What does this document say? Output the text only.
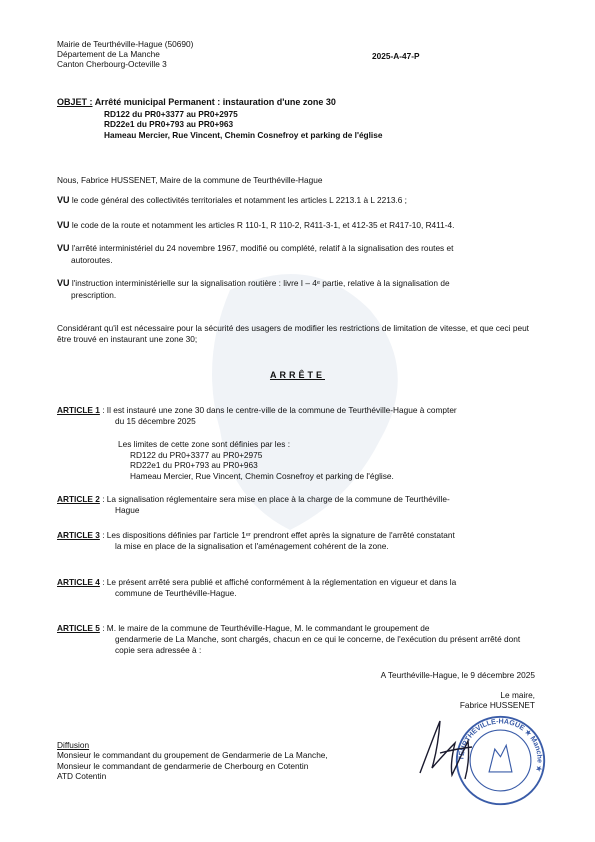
Mairie de Teurthéville-Hague (50690)
Département de La Manche
Canton Cherbourg-Octeville 3
2025-A-47-P
OBJET : Arrêté municipal Permanent : instauration d'une zone 30
RD122 du PR0+3377 au PR0+2975
RD22e1 du PR0+793 au PR0+963
Hameau Mercier, Rue Vincent, Chemin Cosnefroy et parking de l'église
Nous, Fabrice HUSSENET, Maire de la commune de Teurthéville-Hague
VU le code général des collectivités territoriales et notamment les articles L 2213.1 à L 2213.6 ;
VU le code de la route et notamment les articles R 110-1, R 110-2, R411-3-1, et 412-35 et R417-10, R411-4.
VU l'arrêté interministériel du 24 novembre 1967, modifié ou complété, relatif à la signalisation des routes et
autoroutes.
VU l'instruction interministérielle sur la signalisation routière : livre I – 4ᵉ partie, relative à la signalisation de
prescription.
Considérant qu'il est nécessaire pour la sécurité des usagers de modifier les restrictions de limitation de vitesse, et que ceci peut être trouvé en instaurant une zone 30;
ARRÊTE
ARTICLE 1 : Il est instauré une zone 30 dans le centre-ville de la commune de Teurthéville-Hague à compter
du 15 décembre 2025
Les limites de cette zone sont définies par les :
RD122 du PR0+3377 au PR0+2975
RD22e1 du PR0+793 au PR0+963
Hameau Mercier, Rue Vincent, Chemin Cosnefroy et parking de l'église.
ARTICLE 2 : La signalisation réglementaire sera mise en place à la charge de la commune de Teurthéville-
Hague
ARTICLE 3 : Les dispositions définies par l'article 1ᵉʳ prendront effet après la signature de l'arrêté constatant
la mise en place de la signalisation et l'aménagement cohérent de la zone.
ARTICLE 4 : Le présent arrêté sera publié et affiché conformément à la réglementation en vigueur et dans la
commune de Teurthéville-Hague.
ARTICLE 5 : M. le maire de la commune de Teurthéville-Hague, M. le commandant le groupement de
gendarmerie de La Manche, sont chargés, chacun en ce qui le concerne, de l'exécution du présent arrêté dont copie sera adressée à :
A Teurthéville-Hague, le 9 décembre 2025
Le maire,
Fabrice HUSSENET
TEURTHÉVILLE-HAGUE ★ Manche ★
Diffusion
Monsieur le commandant du groupement de Gendarmerie de La Manche,
Monsieur le commandant de gendarmerie de Cherbourg en Cotentin
ATD Cotentin
